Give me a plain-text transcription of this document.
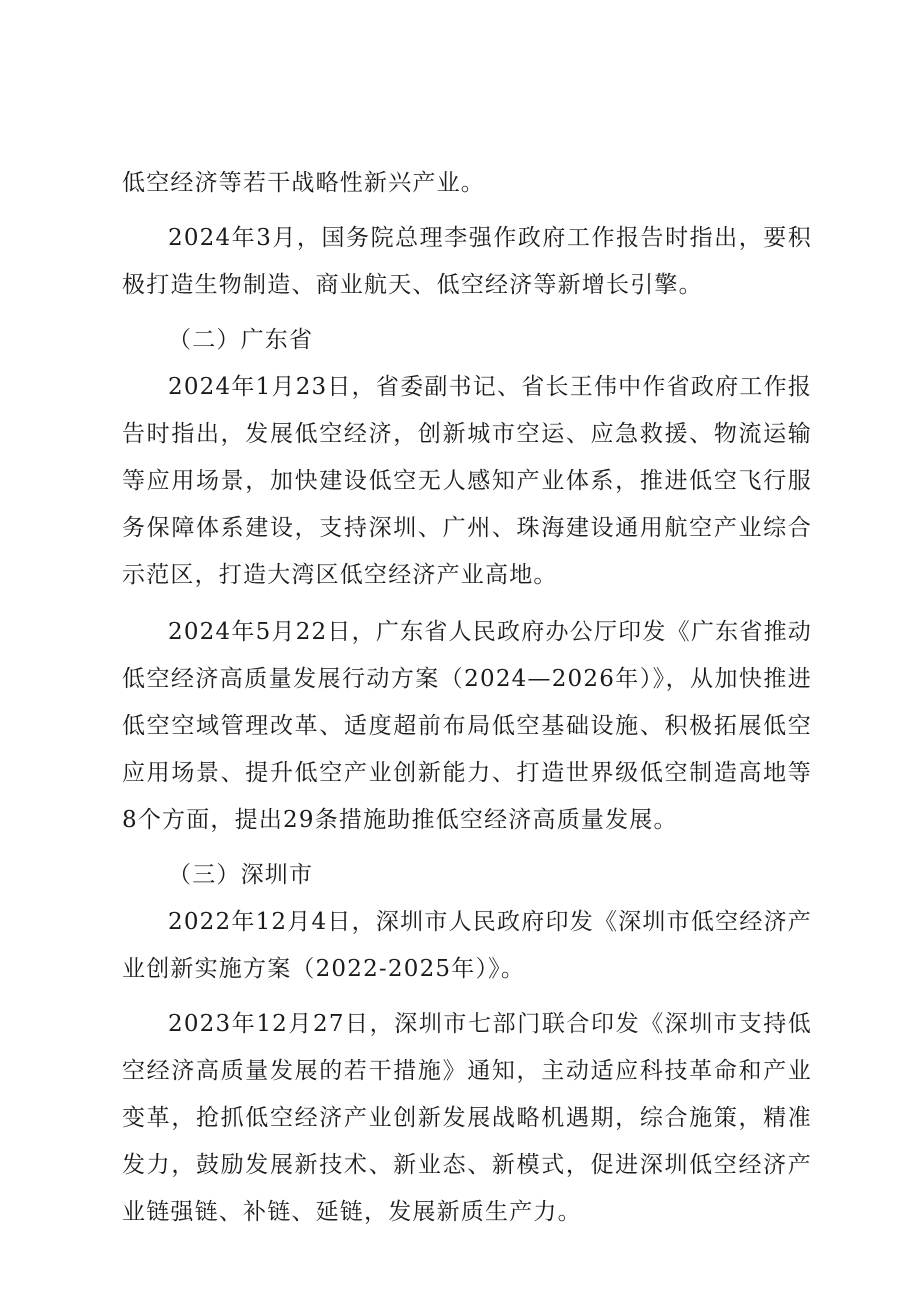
低空经济等若干战略性新兴产业。

2024年3月，国务院总理李强作政府工作报告时指出，要积极打造生物制造、商业航天、低空经济等新增长引擎。

（二）广东省

2024年1月23日，省委副书记、省长王伟中作省政府工作报告时指出，发展低空经济，创新城市空运、应急救援、物流运输等应用场景，加快建设低空无人感知产业体系，推进低空飞行服务保障体系建设，支持深圳、广州、珠海建设通用航空产业综合示范区，打造大湾区低空经济产业高地。

2024年5月22日，广东省人民政府办公厅印发《广东省推动低空经济高质量发展行动方案（2024—2026年）》，从加快推进低空空域管理改革、适度超前布局低空基础设施、积极拓展低空应用场景、提升低空产业创新能力、打造世界级低空制造高地等8个方面，提出29条措施助推低空经济高质量发展。

（三）深圳市

2022年12月4日，深圳市人民政府印发《深圳市低空经济产业创新实施方案（2022-2025年）》。

2023年12月27日，深圳市七部门联合印发《深圳市支持低空经济高质量发展的若干措施》通知，主动适应科技革命和产业变革，抢抓低空经济产业创新发展战略机遇期，综合施策，精准发力，鼓励发展新技术、新业态、新模式，促进深圳低空经济产业链强链、补链、延链，发展新质生产力。
